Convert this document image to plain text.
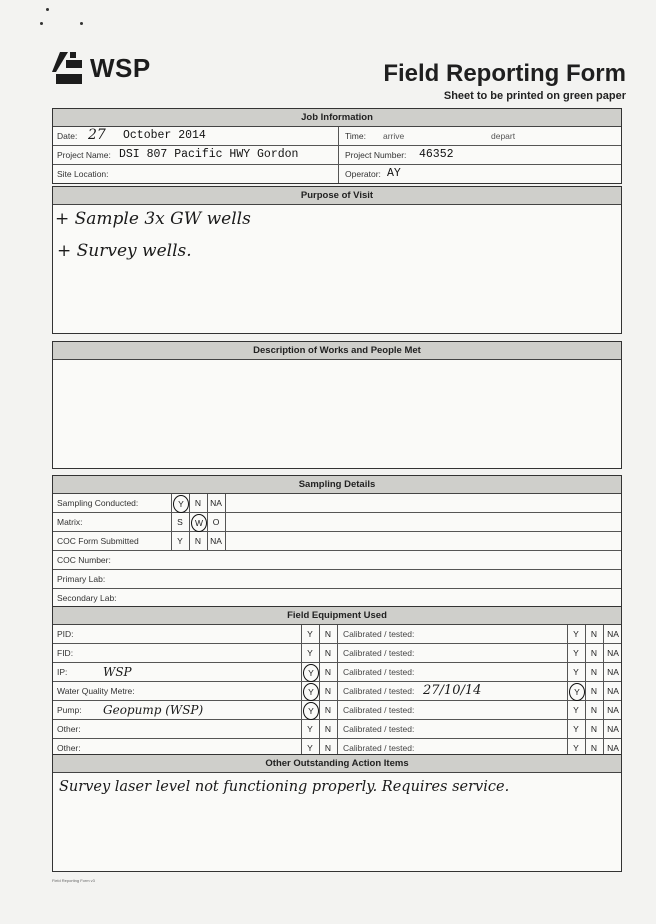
WSP	Field Reporting Form
Sheet to be printed on green paper
Job Information
Date: 27 October 2014	Time: arrive	depart
Project Name: DSI 807 Pacific HWY Gordon	Project Number: 46352
Site Location:	Operator: AY
Purpose of Visit
+ Sample 3x GW wells
+ Survey wells.
Description of Works and People Met
Sampling Details
Sampling Conducted:	Y	N	NA
Matrix:	S	W	O
COC Form Submitted	Y	N	NA
COC Number:
Primary Lab:
Secondary Lab:
Field Equipment Used
PID:	Y	N	Calibrated / tested:	Y	N	NA
FID:	Y	N	Calibrated / tested:	Y	N	NA
IP:	WSP	Y	N	Calibrated / tested:	Y	N	NA
Water Quality Metre:	Y	N	Calibrated / tested: 27/10/14	Y	N	NA
Pump: Geopump (WSP)	Y	N	Calibrated / tested:	Y	N	NA
Other:	Y	N	Calibrated / tested:	Y	N	NA
Other:	Y	N	Calibrated / tested:	Y	N	NA
Other Outstanding Action Items
Survey laser level not functioning properly. Requires service.
Field Reporting Form v3
